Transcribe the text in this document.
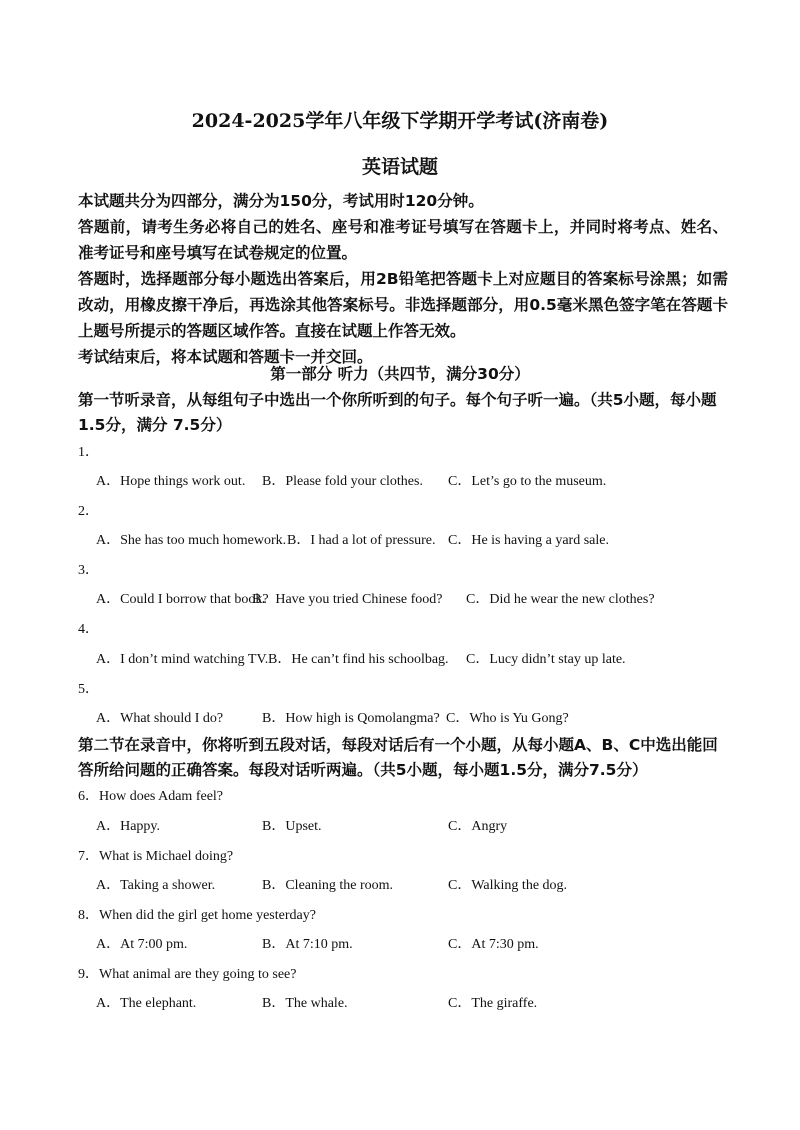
2024-2025学年八年级下学期开学考试(济南卷)
英语试题

本试题共分为四部分，满分为150分，考试用时120分钟。

答题前，请考生务必将自己的姓名、座号和准考证号填写在答题卡上，并同时将考点、姓名、准考证号和座号填写在试卷规定的位置。

答题时，选择题部分每小题选出答案后，用2B铅笔把答题卡上对应题目的答案标号涂黑；如需改动，用橡皮擦干净后，再选涂其他答案标号。非选择题部分，用0.5毫米黑色签字笔在答题卡上题号所提示的答题区域作答。直接在试题上作答无效。

考试结束后，将本试题和答题卡一并交回。

第一部分 听力（共四节，满分30分）
第一节听录音，从每组句子中选出一个你所听到的句子。每个句子听一遍。（共5小题，每小题1.5分，满分 7.5分）
1．
A．Hope things work out. B．Please fold your clothes. C．Let’s go to the museum.
2．
A．She has too much homework. B．I had a lot of pressure. C．He is having a yard sale.
3．
A．Could I borrow that book?
B．Have you tried Chinese food? C．Did he wear the new clothes?
4．
A．I don’t mind watching TV. B．He can’t find his schoolbag. C．Lucy didn’t stay up late.
5．
A．What should I do?	B．How high is Qomolangma? C．Who is Yu Gong?
第二节在录音中，你将听到五段对话，每段对话后有一个小题，从每小题A、B、C中选出能回答所给问题的正确答案。每段对话听两遍。（共5小题，每小题1.5分，满分7.5分）
6．How does Adam feel?
A．Happy.	B．Upset.	C．Angry
7．What is Michael doing?
A．Taking a shower.	B．Cleaning the room.	C．Walking the dog.
8．When did the girl get home yesterday?
A．At 7:00 pm.	B．At 7:10 pm.	C．At 7:30 pm.
9．What animal are they going to see?
A．The elephant.	B．The whale.	C．The giraffe.
